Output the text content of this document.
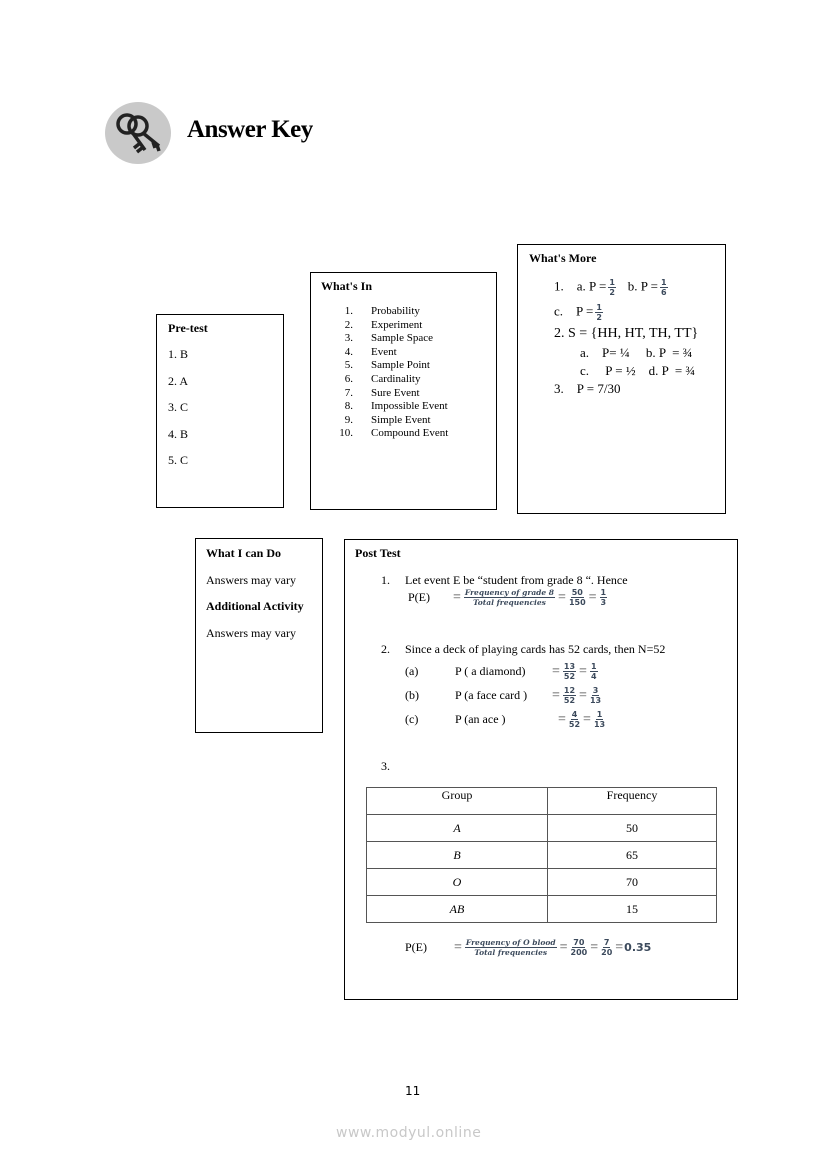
Answer Key
Pre-test
1. B
2. A
3. C
4. B
5. C
What's In
1. Probability
2. Experiment
3. Sample Space
4. Event
5. Sample Point
6. Cardinality
7. Sure Event
8. Impossible Event
9. Simple Event
10. Compound Event
What's More
1.    a. $P = \frac{1}{2} b$. $P = \frac{1}{6}$
c.    $P = \frac{1}{2}$
2. S = {HH, HT, TH, TT}
a.    P= ¼     b. P  = ¾
c.     P = ½    d. P  = ¾
3.    P = 7/30
What I can Do
Answers may vary
Additional Activity
Answers may vary
Post Test
1. Let event E be “student from grade 8 “. Hence
$P(E) = \frac{\text{Frequency of grade 8}}{\text{Total frequencies}} = \frac{50}{150} = \frac{1}{3}$
2. Since a deck of playing cards has 52 cards, then N=52
(a)	P ( a diamond) = $\frac{13}{52} = \frac{1}{4}$
(b)	P (a face card ) = $\frac{12}{52} = \frac{3}{13}$
(c)	P (an ace )	= $\frac{4}{52} = \frac{1}{13}$
3.
$P(E) = \frac{\text{Frequency of O blood}}{\text{Total frequencies}} = \frac{70}{200} = \frac{7}{20} =0.35$
Group	Frequency
A	50
B	65
O	70
AB	15
11
www.modyul.online
